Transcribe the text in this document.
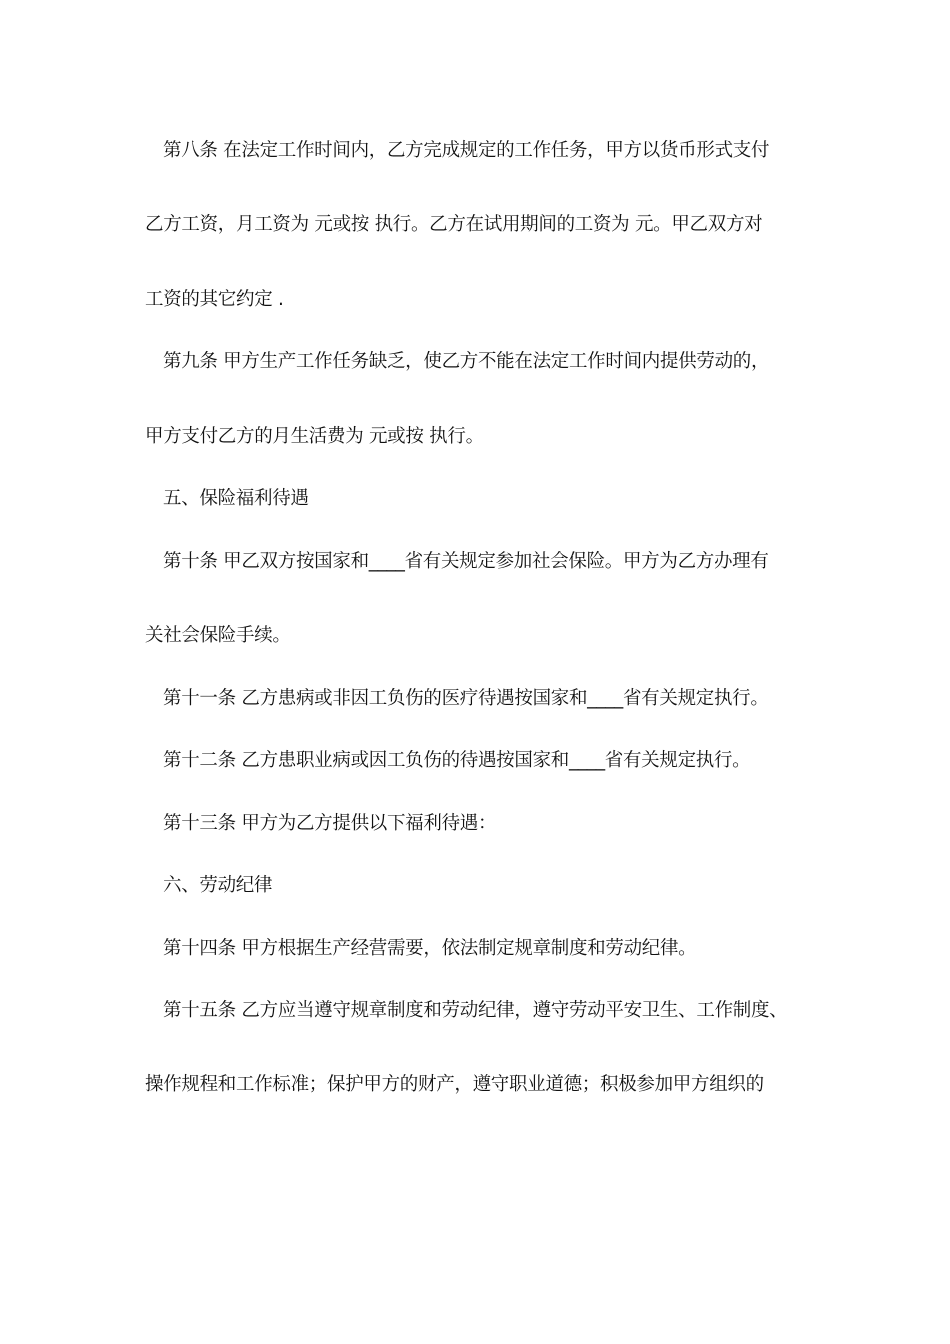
第八条 在法定工作时间内，乙方完成规定的工作任务，甲方以货币形式支付
乙方工资，月工资为 元或按 执行。乙方在试用期间的工资为 元。甲乙双方对
工资的其它约定 .
第九条 甲方生产工作任务缺乏，使乙方不能在法定工作时间内提供劳动的，
甲方支付乙方的月生活费为 元或按 执行。
五、保险福利待遇
第十条 甲乙双方按国家和____省有关规定参加社会保险。甲方为乙方办理有
关社会保险手续。
第十一条 乙方患病或非因工负伤的医疗待遇按国家和____省有关规定执行。
第十二条 乙方患职业病或因工负伤的待遇按国家和____省有关规定执行。
第十三条 甲方为乙方提供以下福利待遇：
六、劳动纪律
第十四条 甲方根据生产经营需要，依法制定规章制度和劳动纪律。
第十五条 乙方应当遵守规章制度和劳动纪律，遵守劳动平安卫生、工作制度、
操作规程和工作标准；保护甲方的财产，遵守职业道德；积极参加甲方组织的
